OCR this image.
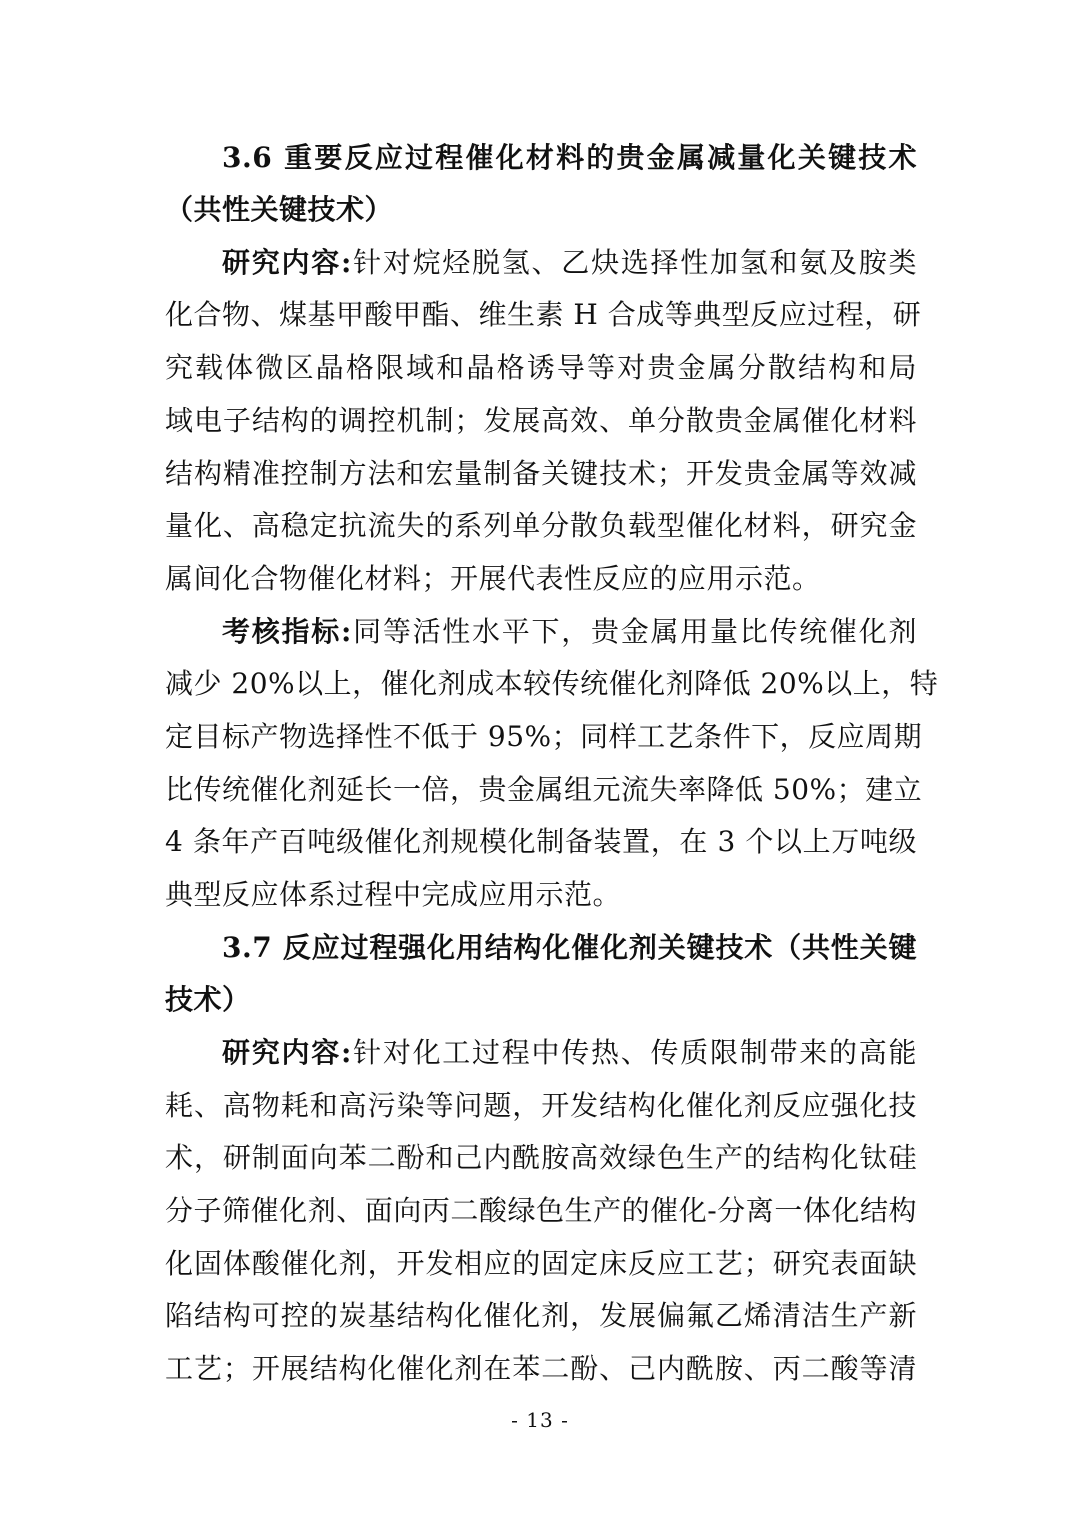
3.6 重要反应过程催化材料的贵金属减量化关键技术
（共性关键技术）
研究内容:针对烷烃脱氢、乙炔选择性加氢和氨及胺类
化合物、煤基甲酸甲酯、维生素 H 合成等典型反应过程，研
究载体微区晶格限域和晶格诱导等对贵金属分散结构和局
域电子结构的调控机制；发展高效、单分散贵金属催化材料
结构精准控制方法和宏量制备关键技术；开发贵金属等效减
量化、高稳定抗流失的系列单分散负载型催化材料，研究金
属间化合物催化材料；开展代表性反应的应用示范。
考核指标:同等活性水平下，贵金属用量比传统催化剂
减少 20%以上，催化剂成本较传统催化剂降低 20%以上，特
定目标产物选择性不低于 95%；同样工艺条件下，反应周期
比传统催化剂延长一倍，贵金属组元流失率降低 50%；建立
4 条年产百吨级催化剂规模化制备装置，在 3 个以上万吨级
典型反应体系过程中完成应用示范。
3.7 反应过程强化用结构化催化剂关键技术（共性关键
技术）
研究内容:针对化工过程中传热、传质限制带来的高能
耗、高物耗和高污染等问题，开发结构化催化剂反应强化技
术，研制面向苯二酚和己内酰胺高效绿色生产的结构化钛硅
分子筛催化剂、面向丙二酸绿色生产的催化-分离一体化结构
化固体酸催化剂，开发相应的固定床反应工艺；研究表面缺
陷结构可控的炭基结构化催化剂，发展偏氟乙烯清洁生产新
工艺；开展结构化催化剂在苯二酚、己内酰胺、丙二酸等清
- 13 -
